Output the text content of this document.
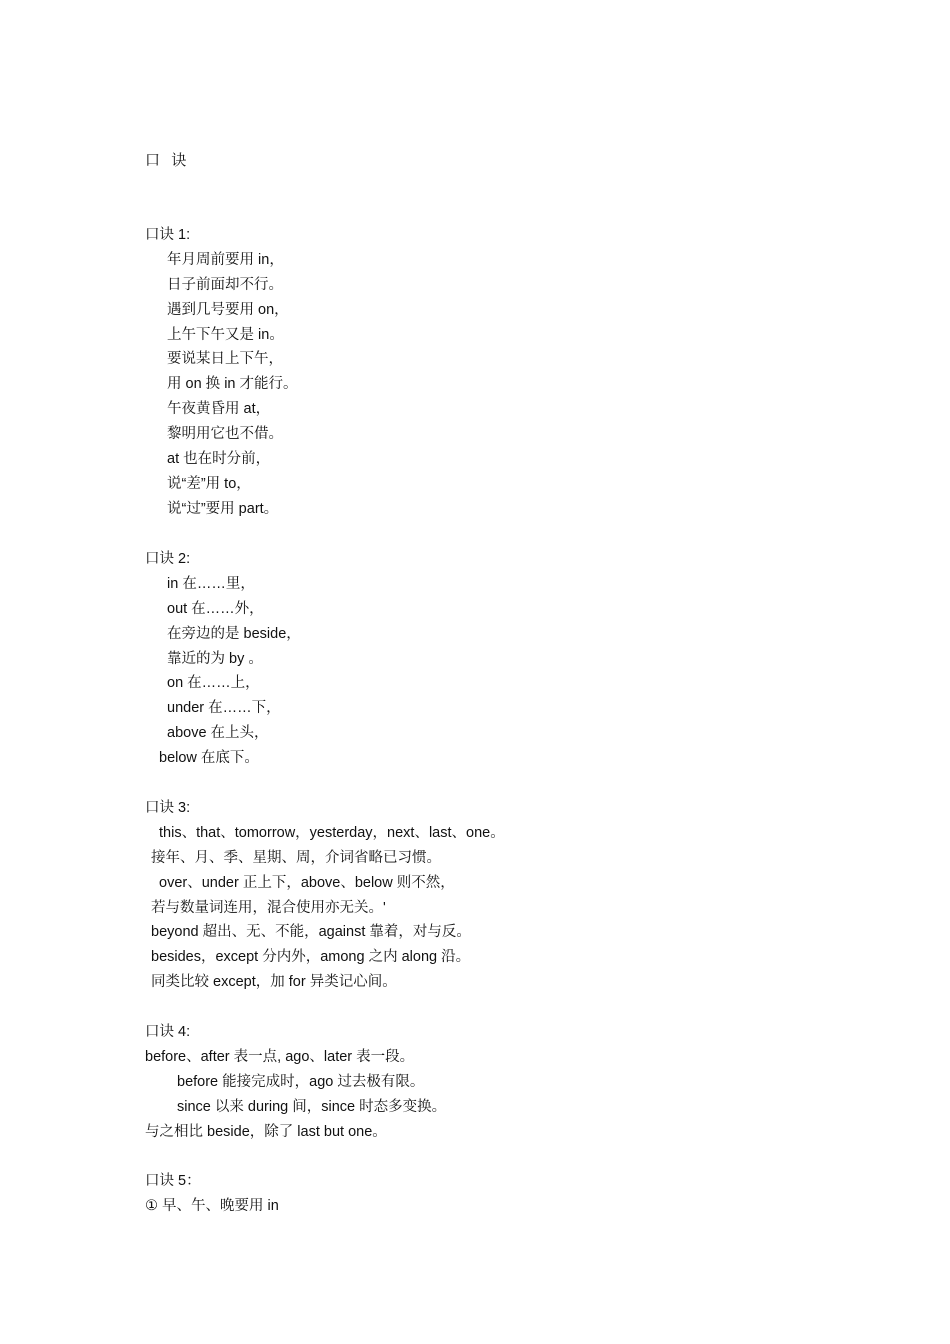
口  诀
口诀 1:
年月周前要用 in，
日子前面却不行。
遇到几号要用 on，
上午下午又是 in。
要说某日上下午，
用 on 换 in 才能行。
午夜黄昏用 at，
黎明用它也不借。
at 也在时分前，
说“差”用 to，
说“过”要用 part。
口诀 2:
in 在……里，
out 在……外，
在旁边的是 beside，
靠近的为 by 。
on 在……上，
under 在……下，
above 在上头，
below 在底下。
口诀 3:
this、that、tomorrow，yesterday，next、last、one。
接年、月、季、星期、周，介词省略已习惯。
over、under 正上下，above、below 则不然，
若与数量词连用，混合使用亦无关。'
beyond 超出、无、不能，against 靠着，对与反。
besides，except 分内外，among 之内 along 沿。
同类比较 except，加 for 异类记心间。
口诀 4:
before、after 表一点, ago、later 表一段。
before 能接完成时，ago 过去极有限。
since 以来 during 间，since 时态多变换。
与之相比 beside，除了 last but one。
口诀 5：
① 早、午、晚要用 in
